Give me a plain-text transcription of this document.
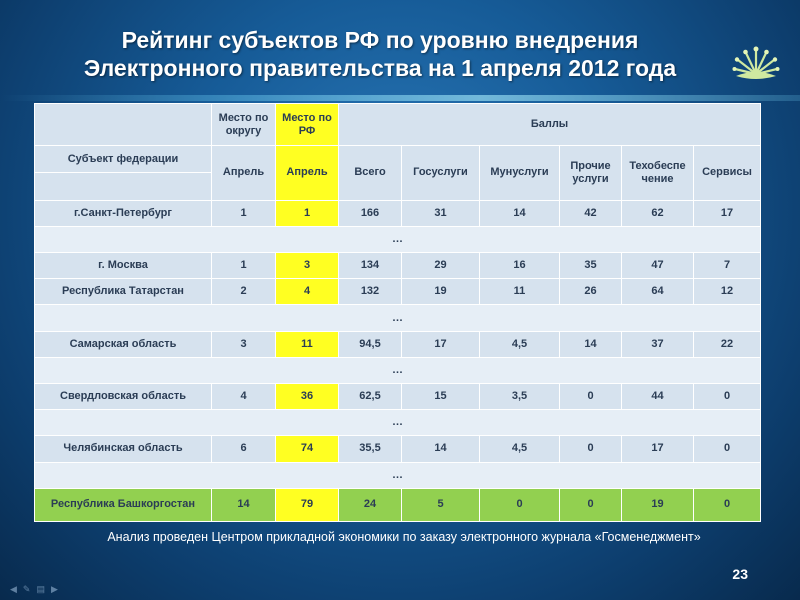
Рейтинг субъектов РФ по уровню внедрения
Электронного правительства на 1 апреля 2012 года
	Место по округу	Место по РФ	Баллы					
Субъект федерации	Апрель	Апрель	Всего	Госуслуги	Мунуслуги	Прочие услуги	Техобеспе чение	Сервисы

г.Санкт-Петербург	1	1	166	31	14	42	62	17
…								
г. Москва	1	3	134	29	16	35	47	7
Республика Татарстан	2	4	132	19	11	26	64	12
…								
Самарская область	3	11	94,5	17	4,5	14	37	22
…								
Свердловская область	4	36	62,5	15	3,5	0	44	0
…								
Челябинская область	6	74	35,5	14	4,5	0	17	0
…								
Республика Башкоргостан	14	79	24	5	0	0	19	0
Анализ проведен Центром прикладной экономики по заказу электронного журнала «Госменеджмент»
23
◀ ✎ ▤ ▶
